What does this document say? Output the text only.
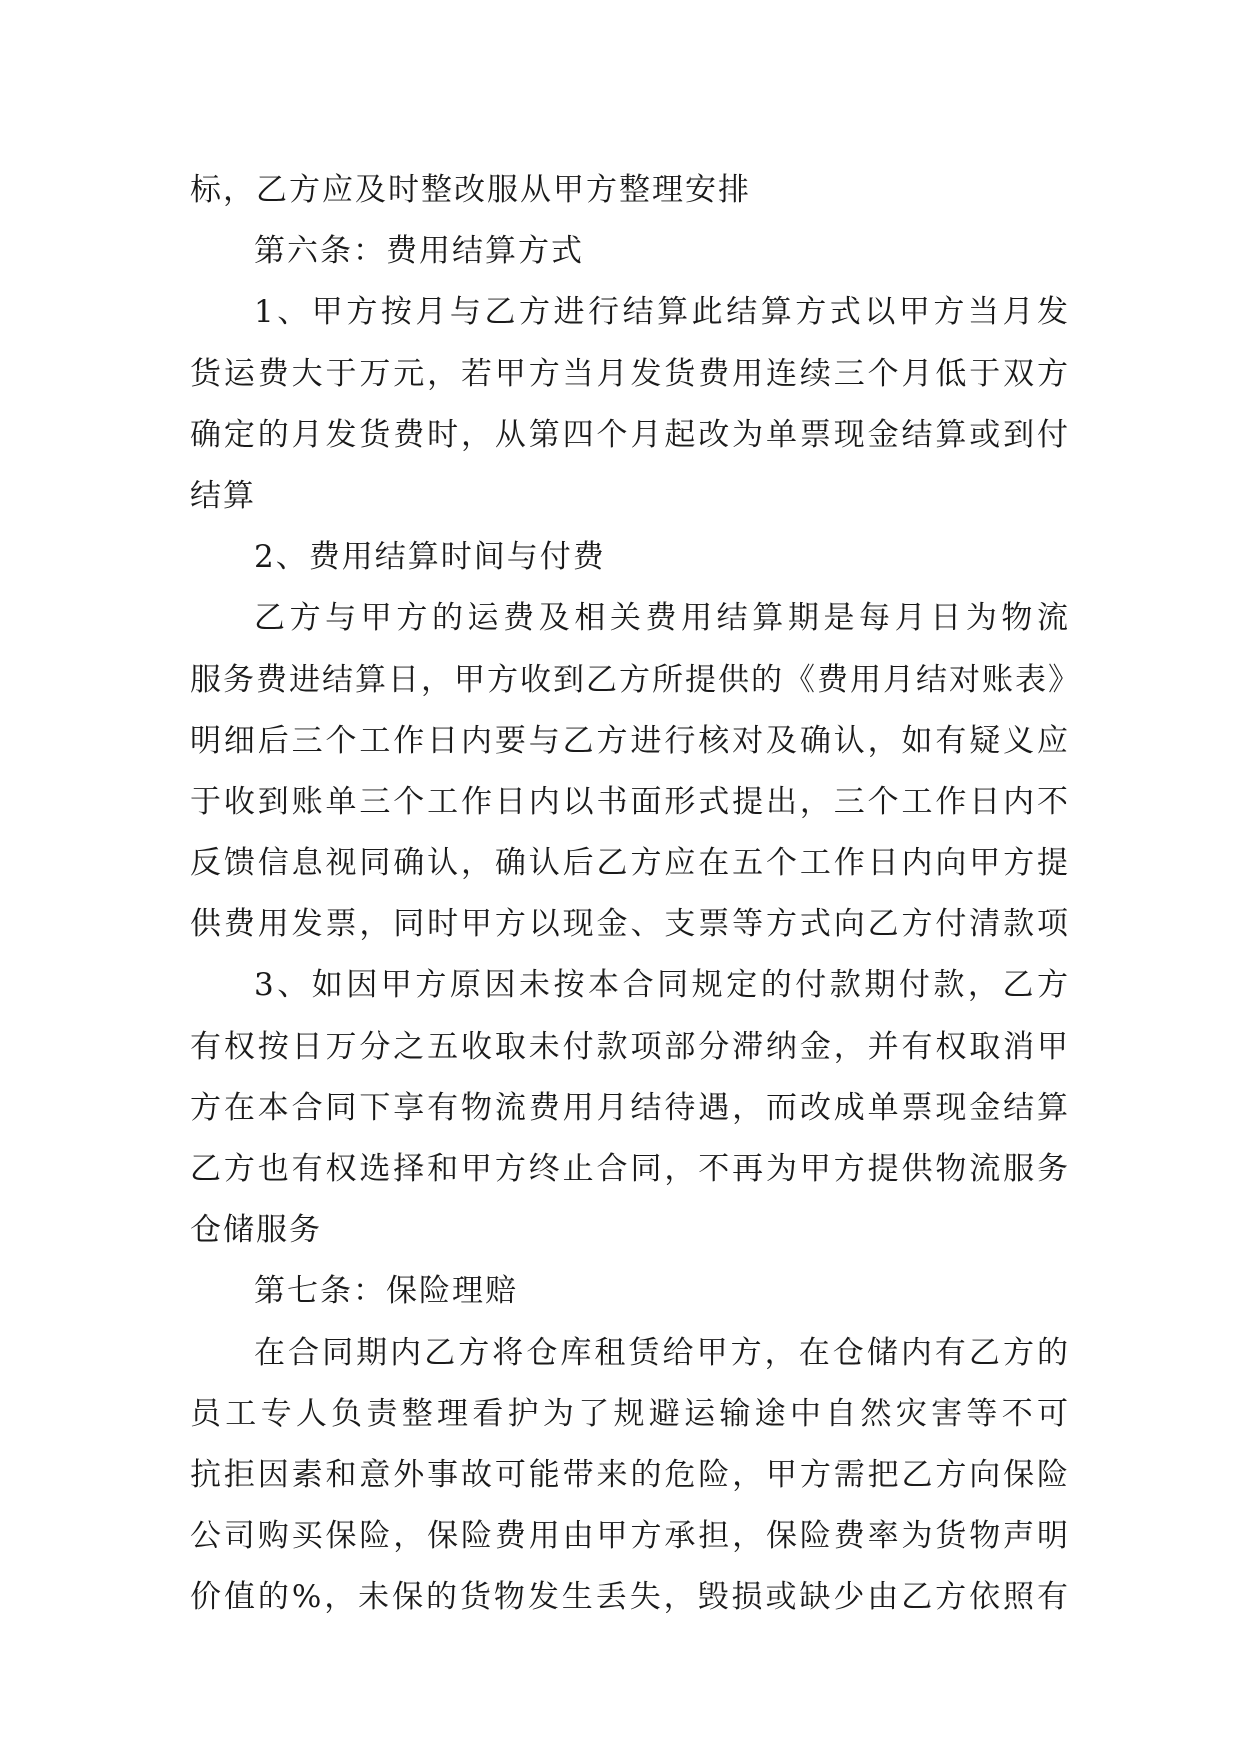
标，乙方应及时整改服从甲方整理安排
第六条：费用结算方式
1、甲方按月与乙方进行结算此结算方式以甲方当月发
货运费大于万元，若甲方当月发货费用连续三个月低于双方
确定的月发货费时，从第四个月起改为单票现金结算或到付
结算
2、费用结算时间与付费
乙方与甲方的运费及相关费用结算期是每月日为物流
服务费进结算日，甲方收到乙方所提供的《费用月结对账表》
明细后三个工作日内要与乙方进行核对及确认，如有疑义应
于收到账单三个工作日内以书面形式提出，三个工作日内不
反馈信息视同确认，确认后乙方应在五个工作日内向甲方提
供费用发票，同时甲方以现金、支票等方式向乙方付清款项
3、如因甲方原因未按本合同规定的付款期付款，乙方
有权按日万分之五收取未付款项部分滞纳金，并有权取消甲
方在本合同下享有物流费用月结待遇，而改成单票现金结算
乙方也有权选择和甲方终止合同，不再为甲方提供物流服务
仓储服务
第七条：保险理赔
在合同期内乙方将仓库租赁给甲方，在仓储内有乙方的
员工专人负责整理看护为了规避运输途中自然灾害等不可
抗拒因素和意外事故可能带来的危险，甲方需把乙方向保险
公司购买保险，保险费用由甲方承担，保险费率为货物声明
价值的%，未保的货物发生丢失，毁损或缺少由乙方依照有
